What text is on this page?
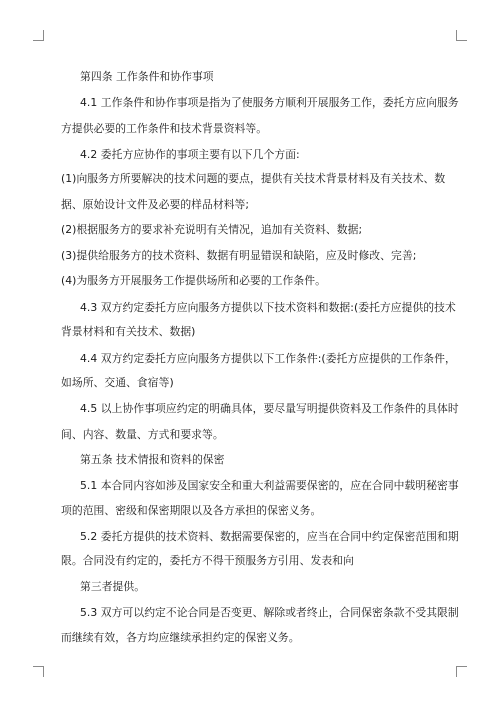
第四条 工作条件和协作事项
4.1 工作条件和协作事项是指为了使服务方顺利开展服务工作，委托方应向服务
方提供必要的工作条件和技术背景资料等。
4.2 委托方应协作的事项主要有以下几个方面:
(1)向服务方所要解决的技术问题的要点，提供有关技术背景材料及有关技术、数
据、原始设计文件及必要的样品材料等;
(2)根据服务方的要求补充说明有关情况，追加有关资料、数据;
(3)提供给服务方的技术资料、数据有明显错误和缺陷，应及时修改、完善;
(4)为服务方开展服务工作提供场所和必要的工作条件。
4.3 双方约定委托方应向服务方提供以下技术资料和数据:(委托方应提供的技术
背景材料和有关技术、数据)
4.4 双方约定委托方应向服务方提供以下工作条件:(委托方应提供的工作条件，
如场所、交通、食宿等)
4.5 以上协作事项应约定的明确具体，要尽量写明提供资料及工作条件的具体时
间、内容、数量、方式和要求等。
第五条 技术情报和资料的保密
5.1 本合同内容如涉及国家安全和重大利益需要保密的，应在合同中载明秘密事
项的范围、密级和保密期限以及各方承担的保密义务。
5.2 委托方提供的技术资料、数据需要保密的，应当在合同中约定保密范围和期
限。合同没有约定的，委托方不得干预服务方引用、发表和向
第三者提供。
5.3 双方可以约定不论合同是否变更、解除或者终止，合同保密条款不受其限制
而继续有效，各方均应继续承担约定的保密义务。
